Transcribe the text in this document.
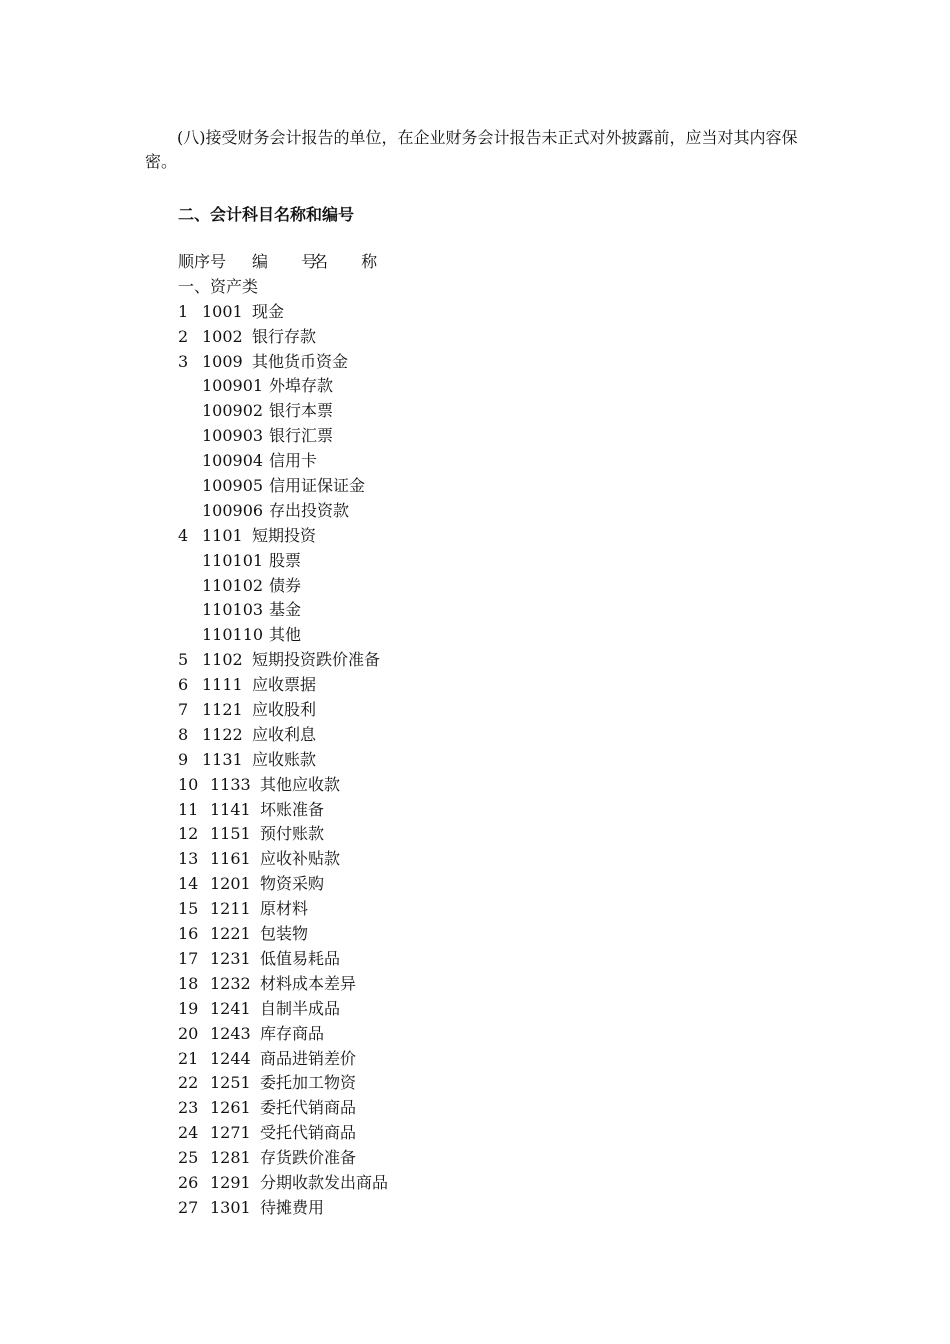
(八)接受财务会计报告的单位，在企业财务会计报告未正式对外披露前，应当对其内容保密。

二、会计科目名称和编号
顺序号	编 号
名 称
一、资产类
1 1001 现金
2 1002 银行存款
3 1009 其他货币资金
100901 外埠存款
100902 银行本票
100903 银行汇票
100904 信用卡
100905 信用证保证金
100906 存出投资款
4 1101 短期投资
110101 股票
110102 债券
110103 基金
110110 其他
5 1102 短期投资跌价准备
6 1111 应收票据
7 1121 应收股利
8 1122 应收利息
9 1131 应收账款
10 1133 其他应收款
11 1141 坏账准备
12 1151 预付账款
13 1161 应收补贴款
14 1201 物资采购
15 1211 原材料
16 1221 包装物
17 1231 低值易耗品
18 1232 材料成本差异
19 1241 自制半成品
20 1243 库存商品
21 1244 商品进销差价
22 1251 委托加工物资
23 1261 委托代销商品
24 1271 受托代销商品
25 1281 存货跌价准备
26 1291 分期收款发出商品
27 1301 待摊费用
